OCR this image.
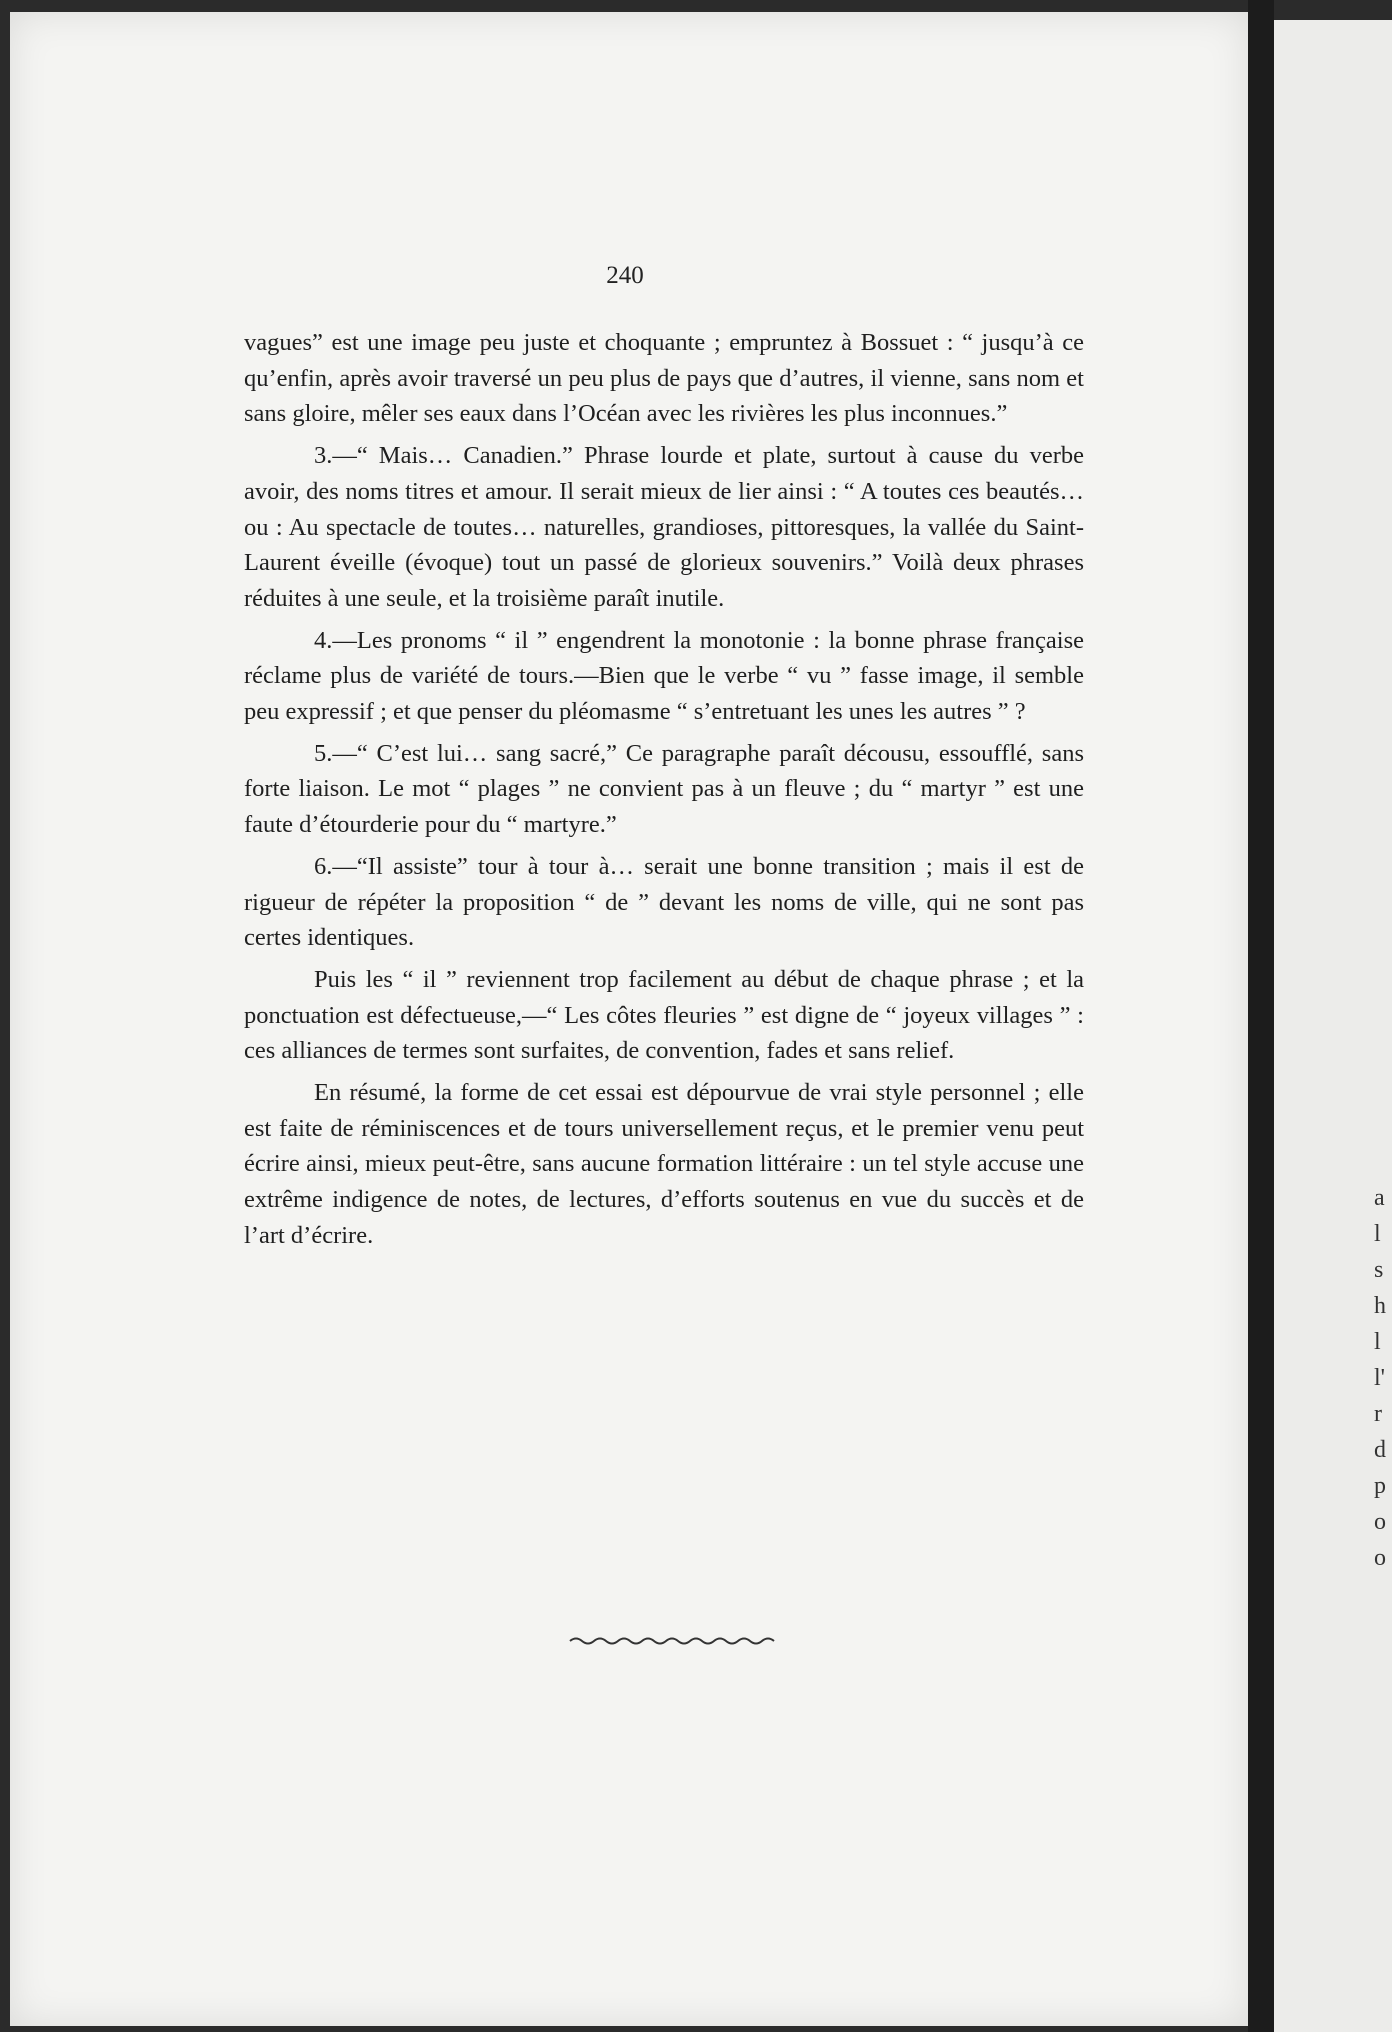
240

vagues” est une image peu juste et choquante ; empruntez à Bossuet : “ jusqu’à ce qu’enfin, après avoir traversé un peu plus de pays que d’autres, il vienne, sans nom et sans gloire, mêler ses eaux dans l’Océan avec les rivières les plus inconnues.”

3.—“ Mais… Canadien.” Phrase lourde et plate, surtout à cause du verbe avoir, des noms titres et amour. Il serait mieux de lier ainsi : “ A toutes ces beautés… ou : Au spectacle de toutes… naturelles, grandioses, pittoresques, la vallée du Saint-Laurent éveille (évoque) tout un passé de glorieux souvenirs.” Voilà deux phrases réduites à une seule, et la troisième paraît inutile.

4.—Les pronoms “ il ” engendrent la monotonie : la bonne phrase française réclame plus de variété de tours.—Bien que le verbe “ vu ” fasse image, il semble peu expressif ; et que penser du pléomasme “ s’entretuant les unes les autres ” ?

5.—“ C’est lui… sang sacré,” Ce paragraphe paraît décousu, essoufflé, sans forte liaison. Le mot “ plages ” ne convient pas à un fleuve ; du “ martyr ” est une faute d’étourderie pour du “ martyre.”

6.—“Il assiste” tour à tour à… serait une bonne transition ; mais il est de rigueur de répéter la proposition “ de ” devant les noms de ville, qui ne sont pas certes identiques.

Puis les “ il ” reviennent trop facilement au début de chaque phrase ; et la ponctuation est défectueuse,—“ Les côtes fleuries ” est digne de “ joyeux villages ” : ces alliances de termes sont surfaites, de convention, fades et sans relief.

En résumé, la forme de cet essai est dépourvue de vrai style personnel ; elle est faite de réminiscences et de tours universellement reçus, et le premier venu peut écrire ainsi, mieux peut-être, sans aucune formation littéraire : un tel style accuse une extrême indigence de notes, de lectures, d’efforts soutenus en vue du succès et de l’art d’écrire.

a
l
s
h
l
l'
r
d
p
o
o
